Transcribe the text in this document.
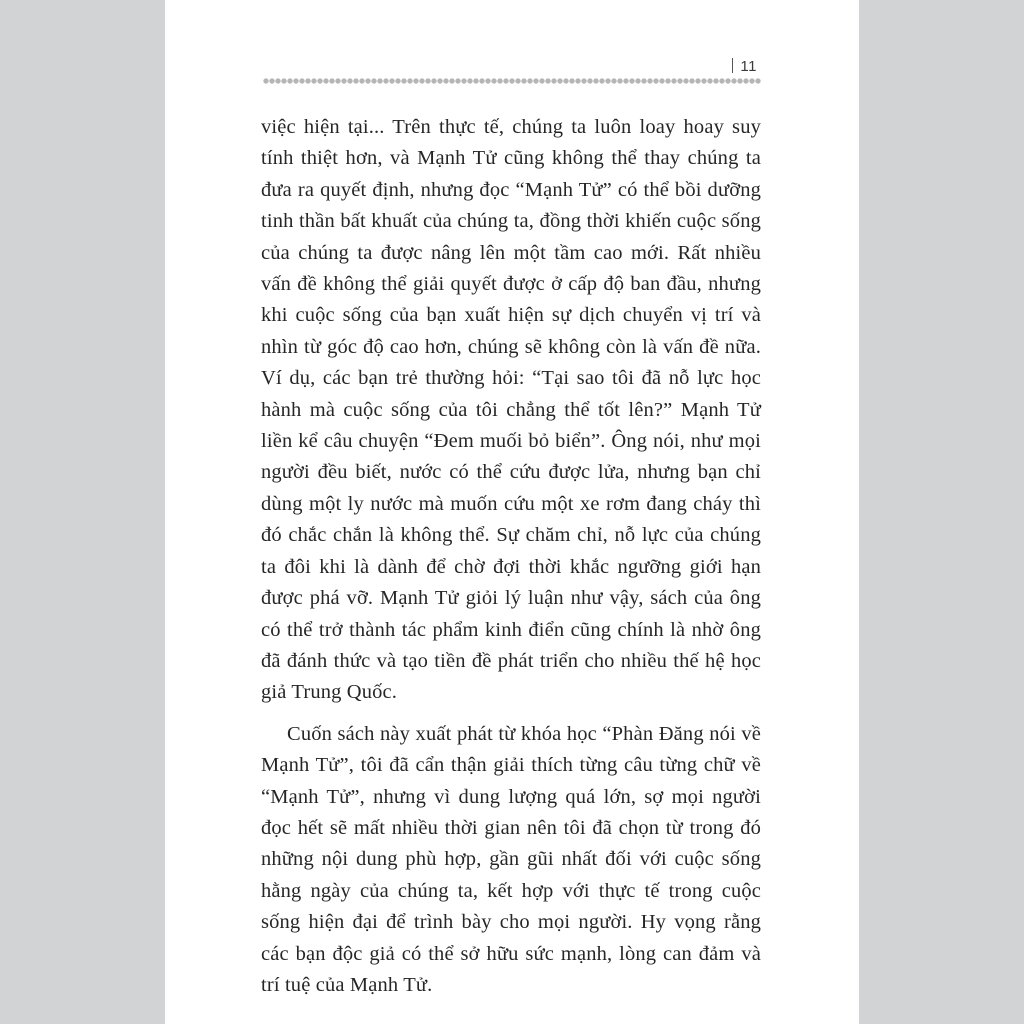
11

việc hiện tại... Trên thực tế, chúng ta luôn loay hoay suy tính thiệt hơn, và Mạnh Tử cũng không thể thay chúng ta đưa ra quyết định, nhưng đọc “Mạnh Tử” có thể bồi dưỡng tinh thần bất khuất của chúng ta, đồng thời khiến cuộc sống của chúng ta được nâng lên một tầm cao mới. Rất nhiều vấn đề không thể giải quyết được ở cấp độ ban đầu, nhưng khi cuộc sống của bạn xuất hiện sự dịch chuyển vị trí và nhìn từ góc độ cao hơn, chúng sẽ không còn là vấn đề nữa. Ví dụ, các bạn trẻ thường hỏi: “Tại sao tôi đã nỗ lực học hành mà cuộc sống của tôi chẳng thể tốt lên?” Mạnh Tử liền kể câu chuyện “Đem muối bỏ biển”. Ông nói, như mọi người đều biết, nước có thể cứu được lửa, nhưng bạn chỉ dùng một ly nước mà muốn cứu một xe rơm đang cháy thì đó chắc chắn là không thể. Sự chăm chỉ, nỗ lực của chúng ta đôi khi là dành để chờ đợi thời khắc ngưỡng giới hạn được phá vỡ. Mạnh Tử giỏi lý luận như vậy, sách của ông có thể trở thành tác phẩm kinh điển cũng chính là nhờ ông đã đánh thức và tạo tiền đề phát triển cho nhiều thế hệ học giả Trung Quốc.

Cuốn sách này xuất phát từ khóa học “Phàn Đăng nói về Mạnh Tử”, tôi đã cẩn thận giải thích từng câu từng chữ về “Mạnh Tử”, nhưng vì dung lượng quá lớn, sợ mọi người đọc hết sẽ mất nhiều thời gian nên tôi đã chọn từ trong đó những nội dung phù hợp, gần gũi nhất đối với cuộc sống hằng ngày của chúng ta, kết hợp với thực tế trong cuộc sống hiện đại để trình bày cho mọi người. Hy vọng rằng các bạn độc giả có thể sở hữu sức mạnh, lòng can đảm và trí tuệ của Mạnh Tử.
